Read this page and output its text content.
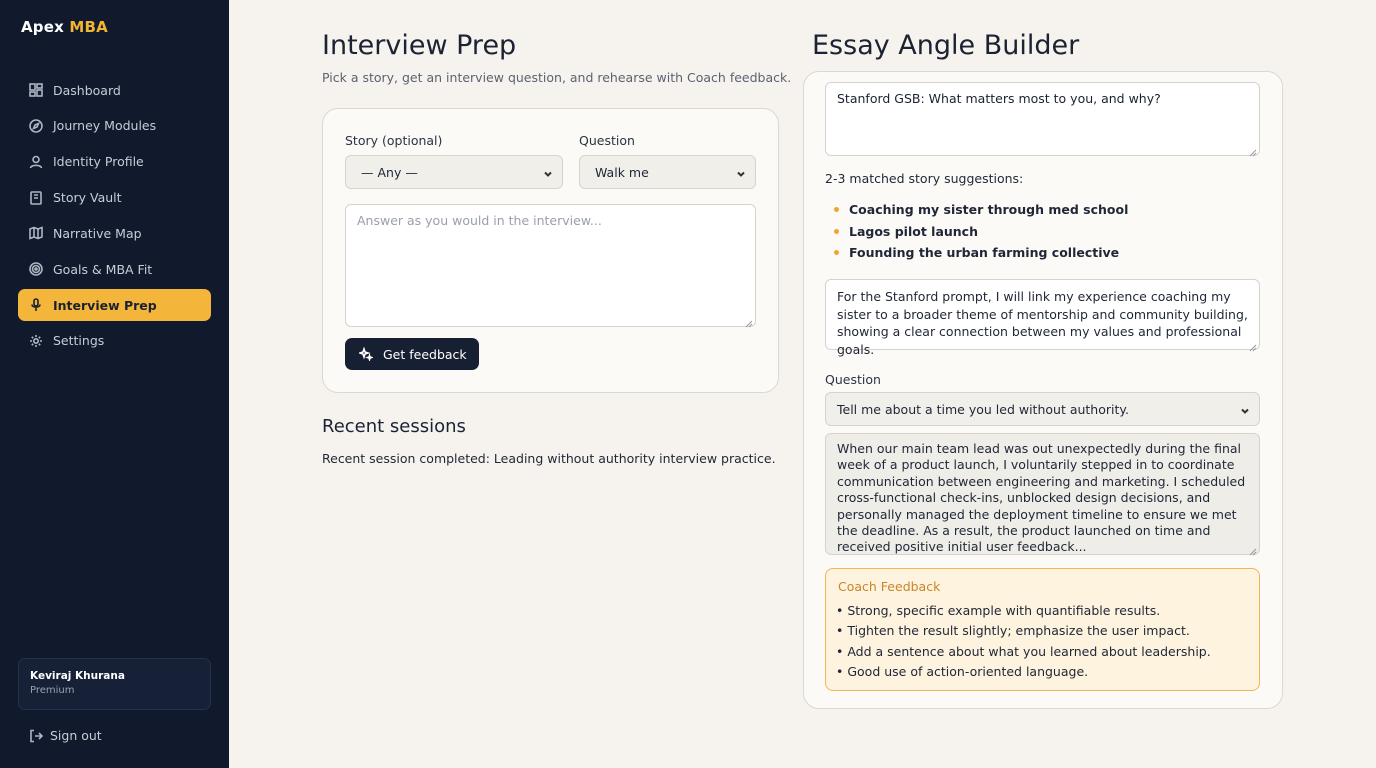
Apex MBA
Dashboard
Journey Modules
Identity Profile
Story Vault
Narrative Map
Goals & MBA Fit
Interview Prep
Settings
Keviraj Khurana
Premium
Sign out
Interview Prep
Pick a story, get an interview question, and rehearse with Coach feedback.
Story (optional)
— Any —
Question
Walk me
Answer as you would in the interview...
Get feedback
Recent sessions
Recent session completed: Leading without authority interview practice.
Essay Angle Builder
Stanford GSB: What matters most to you, and why?
2-3 matched story suggestions:
Coaching my sister through med school
Lagos pilot launch
Founding the urban farming collective
For the Stanford prompt, I will link my experience coaching my sister to a broader theme of mentorship and community building, showing a clear connection between my values and professional goals.
Question
Tell me about a time you led without authority.
When our main team lead was out unexpectedly during the final week of a product launch, I voluntarily stepped in to coordinate communication between engineering and marketing. I scheduled cross-functional check-ins, unblocked design decisions, and personally managed the deployment timeline to ensure we met the deadline. As a result, the product launched on time and received positive initial user feedback...
Coach Feedback
• Strong, specific example with quantifiable results.
• Tighten the result slightly; emphasize the user impact.
• Add a sentence about what you learned about leadership.
• Good use of action-oriented language.
